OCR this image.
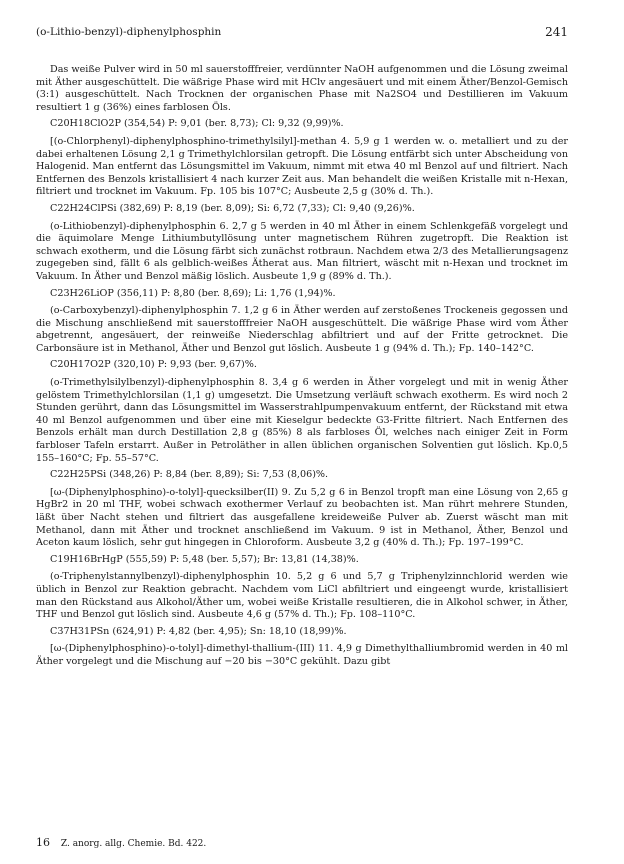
(o-Lithio-benzyl)-diphenylphosphin	241

Das weiße Pulver wird in 50 ml sauerstofffreier, verdünnter NaOH aufgenommen und die Lösung zweimal mit Äther ausgeschüttelt. Die wäßrige Phase wird mit HClv angesäuert und mit einem Äther/Benzol-Gemisch (3:1) ausgeschüttelt. Nach Trocknen der organischen Phase mit Na2SO4 und Destillieren im Vakuum resultiert 1 g (36%) eines farblosen Öls.

C20H18ClO2P (354,54) P: 9,01 (ber. 8,73); Cl: 9,32 (9,99)%.

[(o-Chlorphenyl)-diphenylphosphino-trimethylsilyl]-methan 4. 5,9 g 1 werden w. o. metalliert und zu der dabei erhaltenen Lösung 2,1 g Trimethylchlorsilan getropft. Die Lösung entfärbt sich unter Abscheidung von Halogenid. Man entfernt das Lösungsmittel im Vakuum, nimmt mit etwa 40 ml Benzol auf und filtriert. Nach Entfernen des Benzols kristallisiert 4 nach kurzer Zeit aus. Man behandelt die weißen Kristalle mit n-Hexan, filtriert und trocknet im Vakuum. Fp. 105 bis 107°C; Ausbeute 2,5 g (30% d. Th.).

C22H24ClPSi (382,69) P: 8,19 (ber. 8,09); Si: 6,72 (7,33); Cl: 9,40 (9,26)%.

(o-Lithiobenzyl)-diphenylphosphin 6. 2,7 g 5 werden in 40 ml Äther in einem Schlenkgefäß vorgelegt und die äquimolare Menge Lithiumbutyllösung unter magnetischem Rühren zugetropft. Die Reaktion ist schwach exotherm, und die Lösung färbt sich zunächst rotbraun. Nachdem etwa 2/3 des Metallierungsagenz zugegeben sind, fällt 6 als gelblich-weißes Ätherat aus. Man filtriert, wäscht mit n-Hexan und trocknet im Vakuum. In Äther und Benzol mäßig löslich. Ausbeute 1,9 g (89% d. Th.).

C23H26LiOP (356,11) P: 8,80 (ber. 8,69); Li: 1,76 (1,94)%.

(o-Carboxybenzyl)-diphenylphosphin 7. 1,2 g 6 in Äther werden auf zerstoßenes Trockeneis gegossen und die Mischung anschließend mit sauerstofffreier NaOH ausgeschüttelt. Die wäßrige Phase wird vom Äther abgetrennt, angesäuert, der reinweiße Niederschlag abfiltriert und auf der Fritte getrocknet. Die Carbonsäure ist in Methanol, Äther und Benzol gut löslich. Ausbeute 1 g (94% d. Th.); Fp. 140–142°C.

C20H17O2P (320,10) P: 9,93 (ber. 9,67)%.

(o-Trimethylsilylbenzyl)-diphenylphosphin 8. 3,4 g 6 werden in Äther vorgelegt und mit in wenig Äther gelöstem Trimethylchlorsilan (1,1 g) umgesetzt. Die Umsetzung verläuft schwach exotherm. Es wird noch 2 Stunden gerührt, dann das Lösungsmittel im Wasserstrahlpumpenvakuum entfernt, der Rückstand mit etwa 40 ml Benzol aufgenommen und über eine mit Kieselgur bedeckte G3-Fritte filtriert. Nach Entfernen des Benzols erhält man durch Destillation 2,8 g (85%) 8 als farbloses Öl, welches nach einiger Zeit in Form farbloser Tafeln erstarrt. Außer in Petroläther in allen üblichen organischen Solventien gut löslich. Kp.0,5 155–160°C; Fp. 55–57°C.

C22H25PSi (348,26) P: 8,84 (ber. 8,89); Si: 7,53 (8,06)%.

[ω-(Diphenylphosphino)-o-tolyl]-quecksilber(II) 9. Zu 5,2 g 6 in Benzol tropft man eine Lösung von 2,65 g HgBr2 in 20 ml THF, wobei schwach exothermer Verlauf zu beobachten ist. Man rührt mehrere Stunden, läßt über Nacht stehen und filtriert das ausgefallene kreideweiße Pulver ab. Zuerst wäscht man mit Methanol, dann mit Äther und trocknet anschließend im Vakuum. 9 ist in Methanol, Äther, Benzol und Aceton kaum löslich, sehr gut hingegen in Chloroform. Ausbeute 3,2 g (40% d. Th.); Fp. 197–199°C.

C19H16BrHgP (555,59) P: 5,48 (ber. 5,57); Br: 13,81 (14,38)%.

(o-Triphenylstannylbenzyl)-diphenylphosphin 10. 5,2 g 6 und 5,7 g Triphenylzinnchlorid werden wie üblich in Benzol zur Reaktion gebracht. Nachdem vom LiCl abfiltriert und eingeengt wurde, kristallisiert man den Rückstand aus Alkohol/Äther um, wobei weiße Kristalle resultieren, die in Alkohol schwer, in Äther, THF und Benzol gut löslich sind. Ausbeute 4,6 g (57% d. Th.); Fp. 108–110°C.

C37H31PSn (624,91) P: 4,82 (ber. 4,95); Sn: 18,10 (18,99)%.

[ω-(Diphenylphosphino)-o-tolyl]-dimethyl-thallium-(III) 11. 4,9 g Dimethylthalliumbromid werden in 40 ml Äther vorgelegt und die Mischung auf −20 bis −30°C gekühlt. Dazu gibt

16 Z. anorg. allg. Chemie. Bd. 422.
